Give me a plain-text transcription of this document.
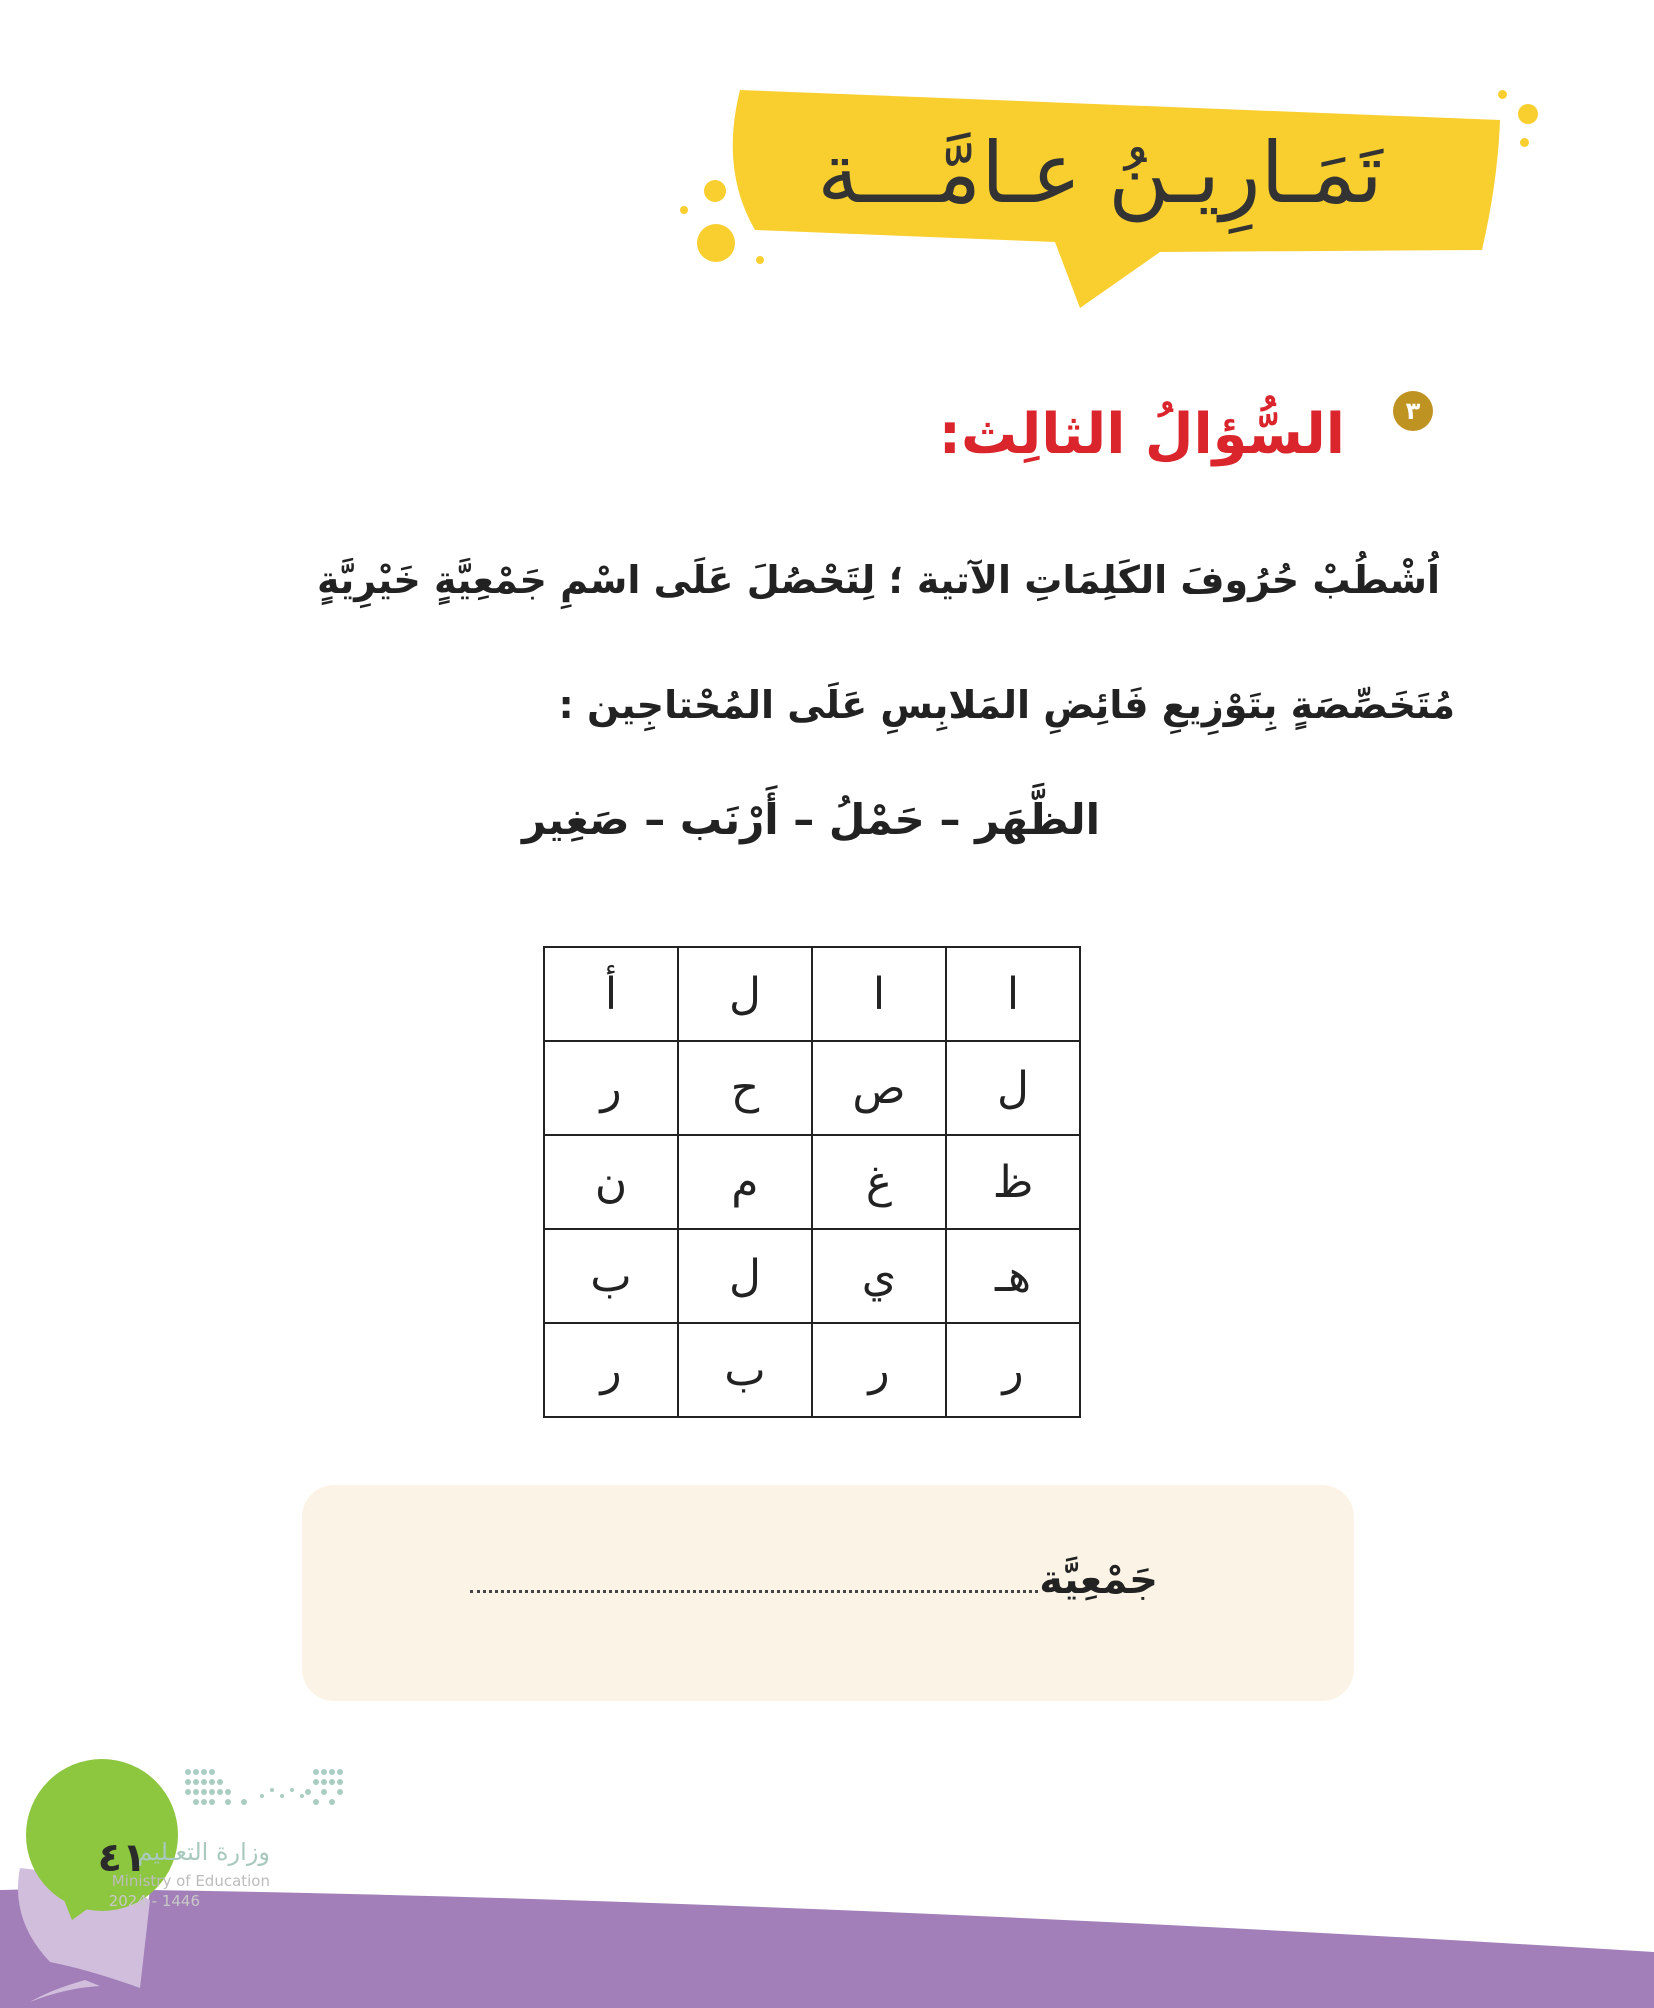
تَمَـارِيـنُ عـامَّـــة
٣
السُّؤالُ الثالِث:
اُشْطُبْ حُرُوفَ الكَلِمَاتِ الآتية ؛ لِتَحْصُلَ عَلَى اسْمِ جَمْعِيَّةٍ خَيْرِيَّةٍ
مُتَخَصِّصَةٍ بِتَوْزِيعِ فَائِضِ المَلابِسِ عَلَى المُحْتاجِين :
الظَّهَر – حَمْلُ – أَرْنَب – صَغِير
ا	ا	ل	أ
ل	ص	ح	ر
ظ	غ	م	ن
هـ	ي	ل	ب
ر	ر	ب	ر
جَمْعِيَّة
٤١
وزارة التعـليم
Ministry of Education
2024 - 1446
